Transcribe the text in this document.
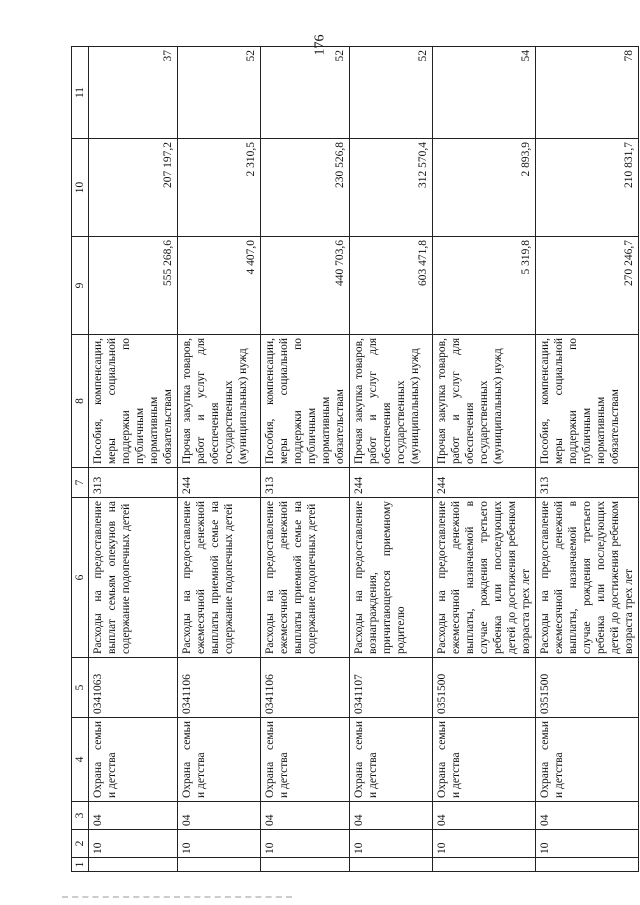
176
1	2	3	4	5	6	7	8	9	10	11
	10	04	Охрана семьи и детства	0341063	Расходы на предоставление выплат семьям опекунов на содержание подопечных детей	313	Пособия, компенсации, меры социальной поддержки по публичным нормативным обязательствам	555 268,6	207 197,2	37
	10	04	Охрана семьи и детства	0341106	Расходы на предоставление ежемесячной денежной выплаты приемной семье на содержание подопечных детей	244	Прочая закупка товаров, работ и услуг для обеспечения государственных (муниципальных) нужд	4 407,0	2 310,5	52
	10	04	Охрана семьи и детства	0341106	Расходы на предоставление ежемесячной денежной выплаты приемной семье на содержание подопечных детей	313	Пособия, компенсации, меры социальной поддержки по публичным нормативным обязательствам	440 703,6	230 526,8	52
	10	04	Охрана семьи и детства	0341107	Расходы на предоставление вознаграждения, причитающегося приемному родителю	244	Прочая закупка товаров, работ и услуг для обеспечения государственных (муниципальных) нужд	603 471,8	312 570,4	52
	10	04	Охрана семьи и детства	0351500	Расходы на предоставление ежемесячной денежной выплаты, назначаемой в случае рождения третьего ребенка или последующих детей до достижения ребенком возраста трех лет	244	Прочая закупка товаров, работ и услуг для обеспечения государственных (муниципальных) нужд	5 319,8	2 893,9	54
	10	04	Охрана семьи и детства	0351500	Расходы на предоставление ежемесячной денежной выплаты, назначаемой в случае рождения третьего ребенка или последующих детей до достижения ребенком возраста трех лет	313	Пособия, компенсации, меры социальной поддержки по публичным нормативным обязательствам	270 246,7	210 831,7	78
